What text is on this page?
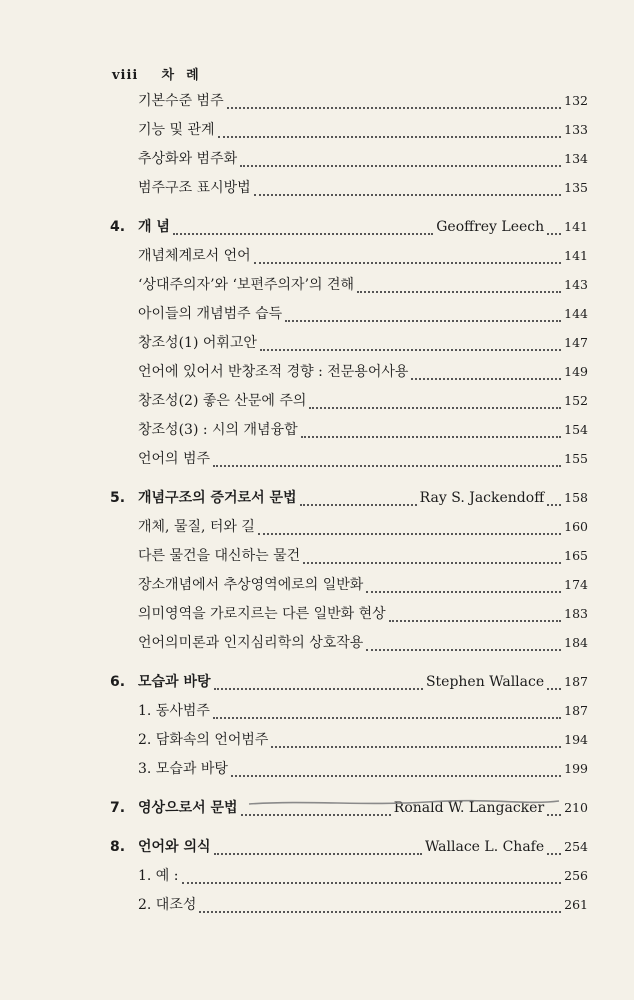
viii 차례
기본수준 범주	132
기능 및 관계	133
추상화와 범주화	134
범주구조 표시방법	135
4. 개 념	Geoffrey Leech 141
개념체계로서 언어	141
‘상대주의자’와 ‘보편주의자’의 견해	143
아이들의 개념범주 습득	144
창조성(1) 어휘고안	147
언어에 있어서 반창조적 경향 : 전문용어사용	149
창조성(2) 좋은 산문에 주의	152
창조성(3) : 시의 개념융합	154
언어의 범주	155
5. 개념구조의 증거로서 문법	Ray S. Jackendoff 158
개체, 물질, 터와 길	160
다른 물건을 대신하는 물건	165
장소개념에서 추상영역에로의 일반화	174
의미영역을 가로지르는 다른 일반화 현상	183
언어의미론과 인지심리학의 상호작용	184
6. 모습과 바탕	Stephen Wallace 187
1. 동사범주	187
2. 담화속의 언어범주	194
3. 모습과 바탕	199
7. 영상으로서 문법	Ronald W. Langacker 210
8. 언어와 의식	Wallace L. Chafe 254
1. 예 :	256
2. 대조성	261
